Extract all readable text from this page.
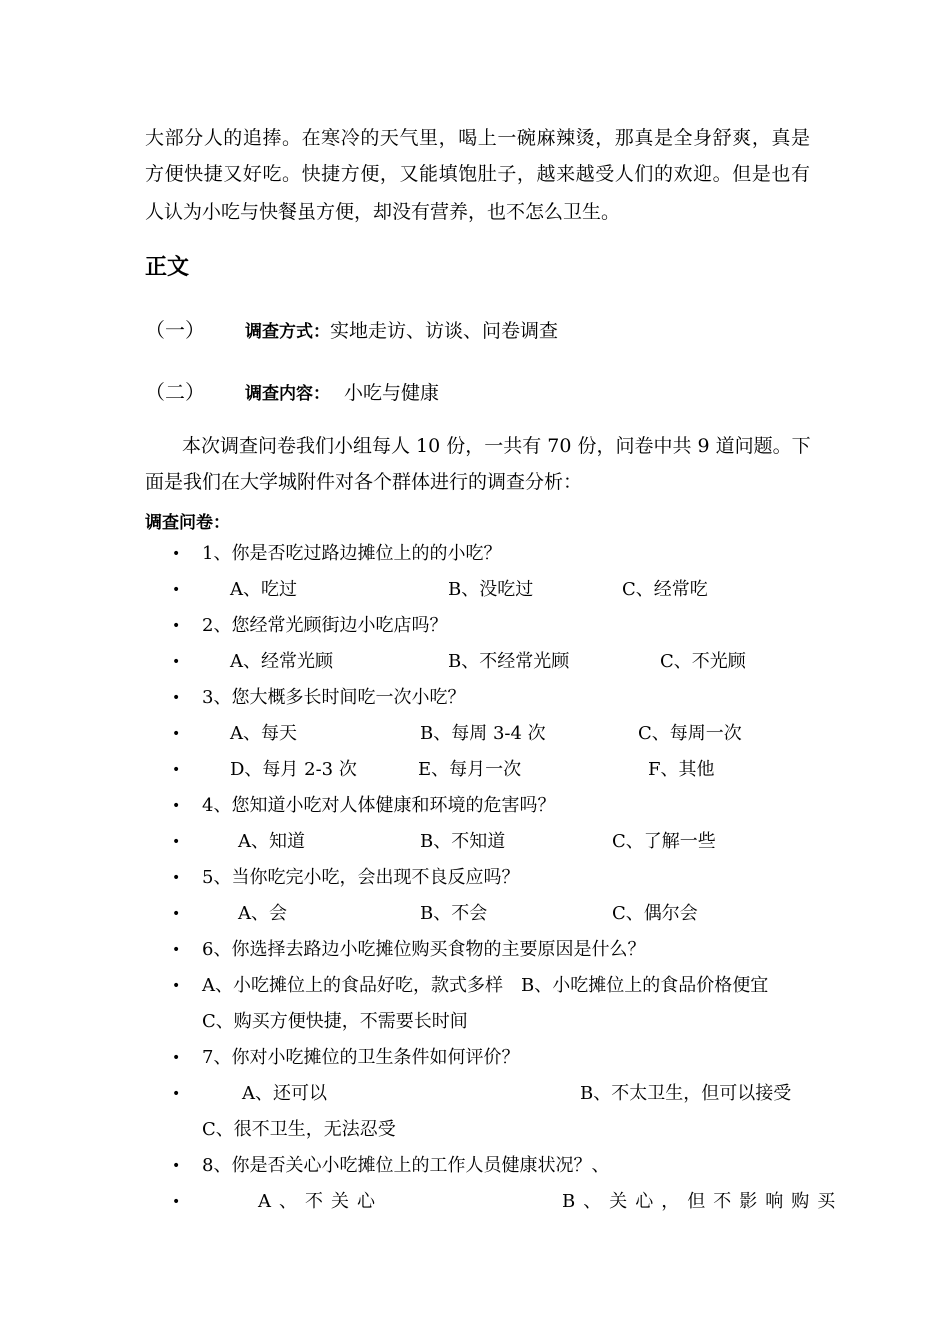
大部分人的追捧。在寒冷的天气里，喝上一碗麻辣烫，那真是全身舒爽，真是
方便快捷又好吃。快捷方便，又能填饱肚子，越来越受人们的欢迎。但是也有
人认为小吃与快餐虽方便，却没有营养，也不怎么卫生。
正文
（一） 调查方式：实地走访、访谈、问卷调查
（二） 调查内容： 小吃与健康
本次调查问卷我们小组每人 10 份，一共有 70 份，问卷中共 9 道问题。下
面是我们在大学城附件对各个群体进行的调查分析：
调查问卷：
• 1、你是否吃过路边摊位上的的小吃？
•	A、吃过	B、没吃过	C、经常吃
• 2、您经常光顾街边小吃店吗？
•	A、经常光顾	B、不经常光顾	C、不光顾
• 3、您大概多长时间吃一次小吃？
•	A、每天	B、每周 3-4 次	C、每周一次
•	D、每月 2-3 次	E、每月一次	F、其他
• 4、您知道小吃对人体健康和环境的危害吗？
•	A、知道	B、不知道	C、了解一些
• 5、当你吃完小吃，会出现不良反应吗？
•	A、会	B、不会	C、偶尔会
• 6、你选择去路边小吃摊位购买食物的主要原因是什么？
• A、小吃摊位上的食品好吃，款式多样　B、小吃摊位上的食品价格便宜
C、购买方便快捷，不需要长时间
• 7、你对小吃摊位的卫生条件如何评价？
•	A、还可以	B、不太卫生，但可以接受
C、很不卫生，无法忍受
• 8、你是否关心小吃摊位上的工作人员健康状况？、
•	A、不关心	B、关心，但不影响购买
